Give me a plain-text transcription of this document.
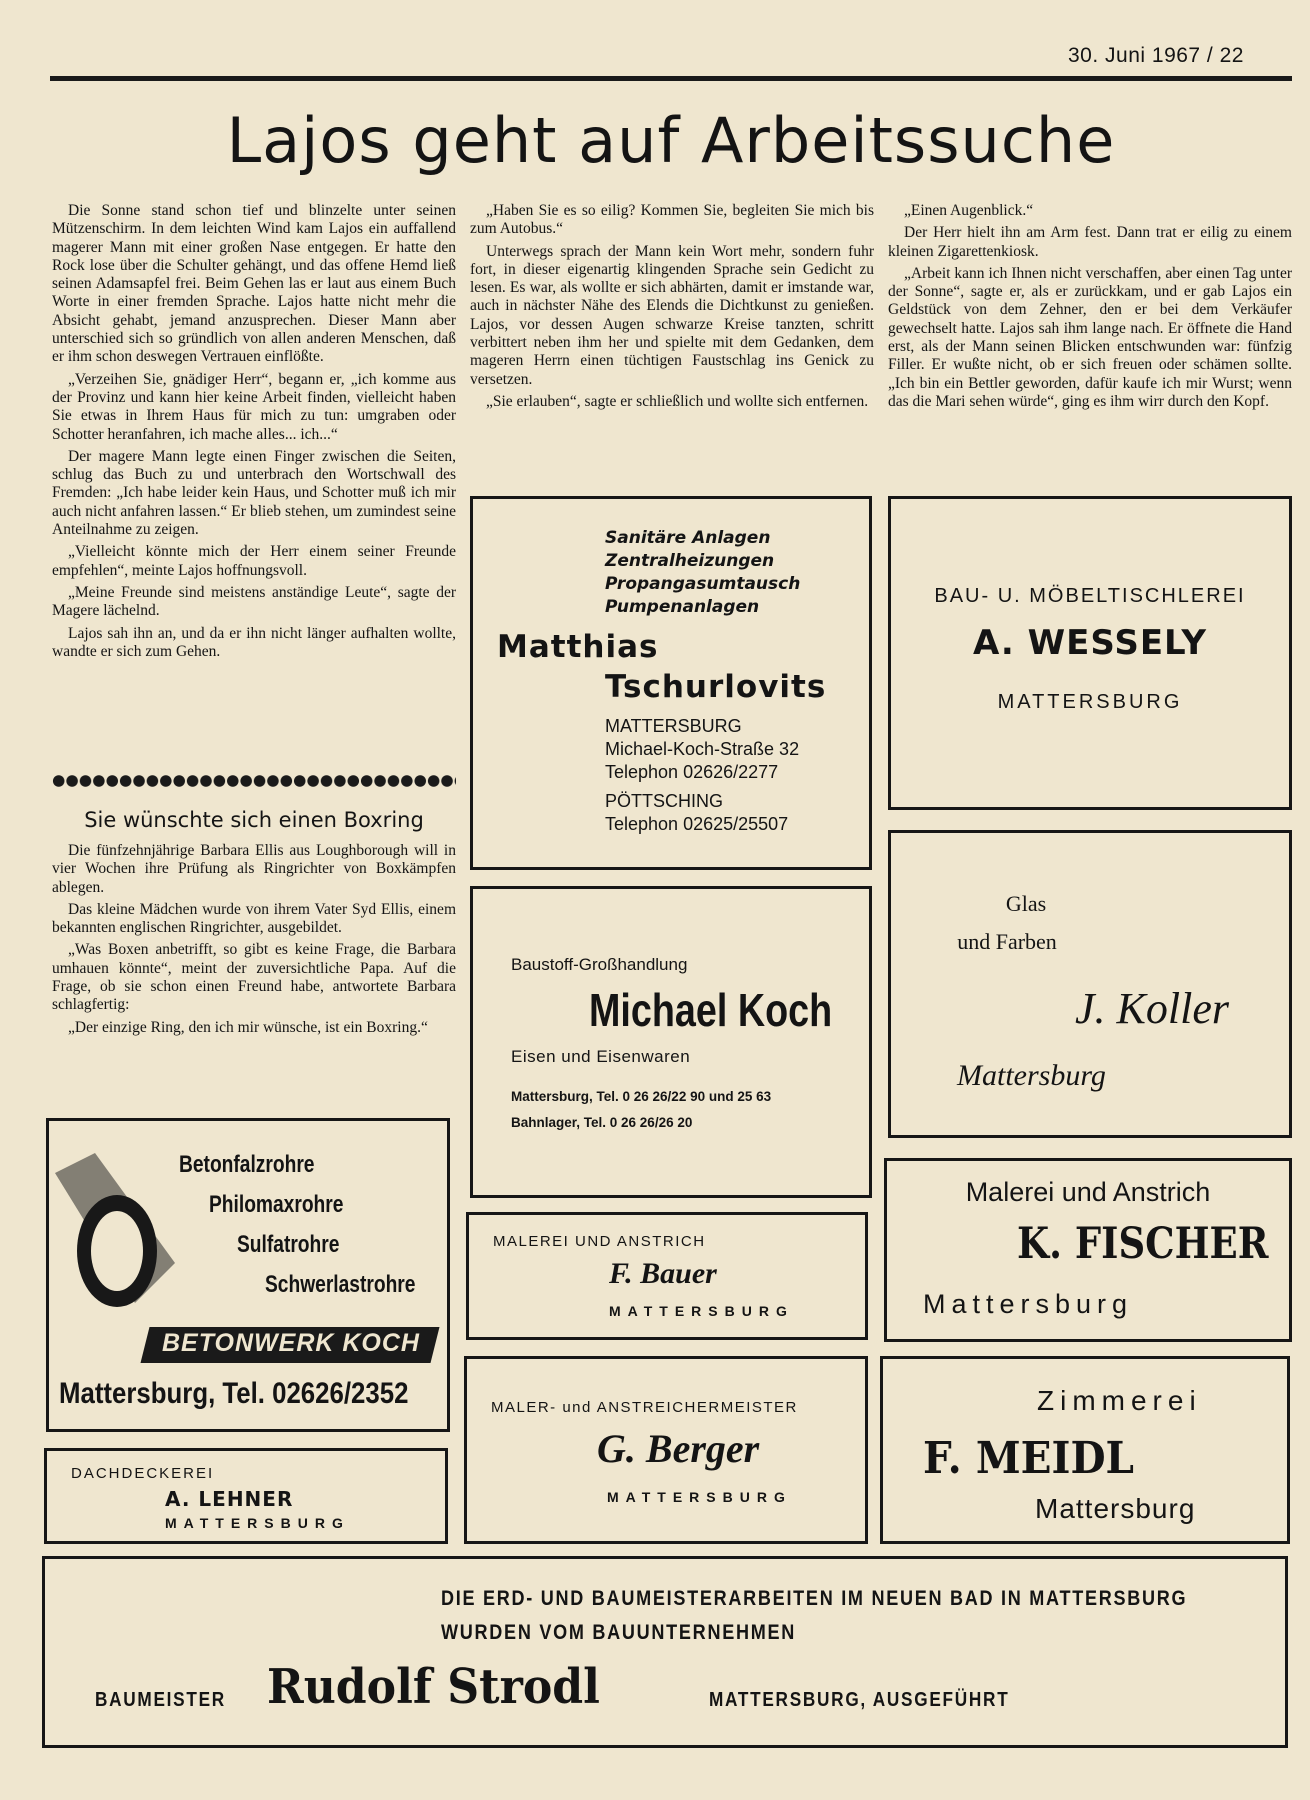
30. Juni 1967 / 22
Lajos geht auf Arbeitssuche

Die Sonne stand schon tief und blinzelte unter seinen Mützenschirm. In dem leichten Wind kam Lajos ein auffallend magerer Mann mit einer großen Nase entgegen. Er hatte den Rock lose über die Schulter gehängt, und das offene Hemd ließ seinen Adamsapfel frei. Beim Gehen las er laut aus einem Buch Worte in einer fremden Sprache. Lajos hatte nicht mehr die Absicht gehabt, jemand anzusprechen. Dieser Mann aber unterschied sich so gründlich von allen anderen Menschen, daß er ihm schon deswegen Vertrauen einflößte.

„Verzeihen Sie, gnädiger Herr“, begann er, „ich komme aus der Provinz und kann hier keine Arbeit finden, vielleicht haben Sie etwas in Ihrem Haus für mich zu tun: umgraben oder Schotter heranfahren, ich mache alles... ich...“

Der magere Mann legte einen Finger zwischen die Seiten, schlug das Buch zu und unterbrach den Wortschwall des Fremden: „Ich habe leider kein Haus, und Schotter muß ich mir auch nicht anfahren lassen.“ Er blieb stehen, um zumindest seine Anteilnahme zu zeigen.

„Vielleicht könnte mich der Herr einem seiner Freunde empfehlen“, meinte Lajos hoffnungsvoll.

„Meine Freunde sind meistens anständige Leute“, sagte der Magere lächelnd.

Lajos sah ihn an, und da er ihn nicht länger aufhalten wollte, wandte er sich zum Gehen.

„Haben Sie es so eilig? Kommen Sie, begleiten Sie mich bis zum Autobus.“

Unterwegs sprach der Mann kein Wort mehr, sondern fuhr fort, in dieser eigenartig klingenden Sprache sein Gedicht zu lesen. Es war, als wollte er sich abhärten, damit er imstande war, auch in nächster Nähe des Elends die Dichtkunst zu genießen. Lajos, vor dessen Augen schwarze Kreise tanzten, schritt verbittert neben ihm her und spielte mit dem Gedanken, dem mageren Herrn einen tüchtigen Faustschlag ins Genick zu versetzen.

„Sie erlauben“, sagte er schließlich und wollte sich entfernen.

„Einen Augenblick.“

Der Herr hielt ihn am Arm fest. Dann trat er eilig zu einem kleinen Zigarettenkiosk.

„Arbeit kann ich Ihnen nicht verschaffen, aber einen Tag unter der Sonne“, sagte er, als er zurückkam, und er gab Lajos ein Geldstück von dem Zehner, den er bei dem Verkäufer gewechselt hatte. Lajos sah ihm lange nach. Er öffnete die Hand erst, als der Mann seinen Blicken entschwunden war: fünfzig Filler. Er wußte nicht, ob er sich freuen oder schämen sollte. „Ich bin ein Bettler geworden, dafür kaufe ich mir Wurst; wenn das die Mari sehen würde“, ging es ihm wirr durch den Kopf.

Sie wünschte sich einen Boxring

Die fünfzehnjährige Barbara Ellis aus Loughborough will in vier Wochen ihre Prüfung als Ringrichter von Boxkämpfen ablegen.

Das kleine Mädchen wurde von ihrem Vater Syd Ellis, einem bekannten englischen Ringrichter, ausgebildet.

„Was Boxen anbetrifft, so gibt es keine Frage, die Barbara umhauen könnte“, meint der zuversichtliche Papa. Auf die Frage, ob sie schon einen Freund habe, antwortete Barbara schlagfertig:

„Der einzige Ring, den ich mir wünsche, ist ein Boxring.“

Sanitäre Anlagen
Zentralheizungen
Propangasumtausch
Pumpenanlagen
Matthias
Tschurlovits
MATTERSBURG
Michael-Koch-Straße 32
Telephon 02626/2277
PÖTTSCHING
Telephon 02625/25507
BAU- U. MÖBELTISCHLEREI
A. WESSELY
MATTERSBURG
Baustoff-Großhandlung
Michael Koch
Eisen und Eisenwaren
Mattersburg, Tel. 0 26 26/22 90 und 25 63
Bahnlager, Tel. 0 26 26/26 20
Glas
und Farben
J. Koller
Mattersburg
Betonfalzrohre
Philomaxrohre
Sulfatrohre
Schwerlastrohre
BETONWERK KOCH
Mattersburg, Tel. 02626/2352
MALEREI UND ANSTRICH
F. Bauer
MATTERSBURG
Malerei und Anstrich
K. FISCHER
Mattersburg
DACHDECKEREI
A. LEHNER
MATTERSBURG
MALER- und ANSTREICHERMEISTER
G. Berger
MATTERSBURG
Zimmerei
F. MEIDL
Mattersburg
DIE ERD- UND BAUMEISTERARBEITEN IM NEUEN BAD IN MATTERSBURG
WURDEN VOM BAUUNTERNEHMEN
BAUMEISTER Rudolf Strodl	MATTERSBURG, AUSGEFÜHRT
